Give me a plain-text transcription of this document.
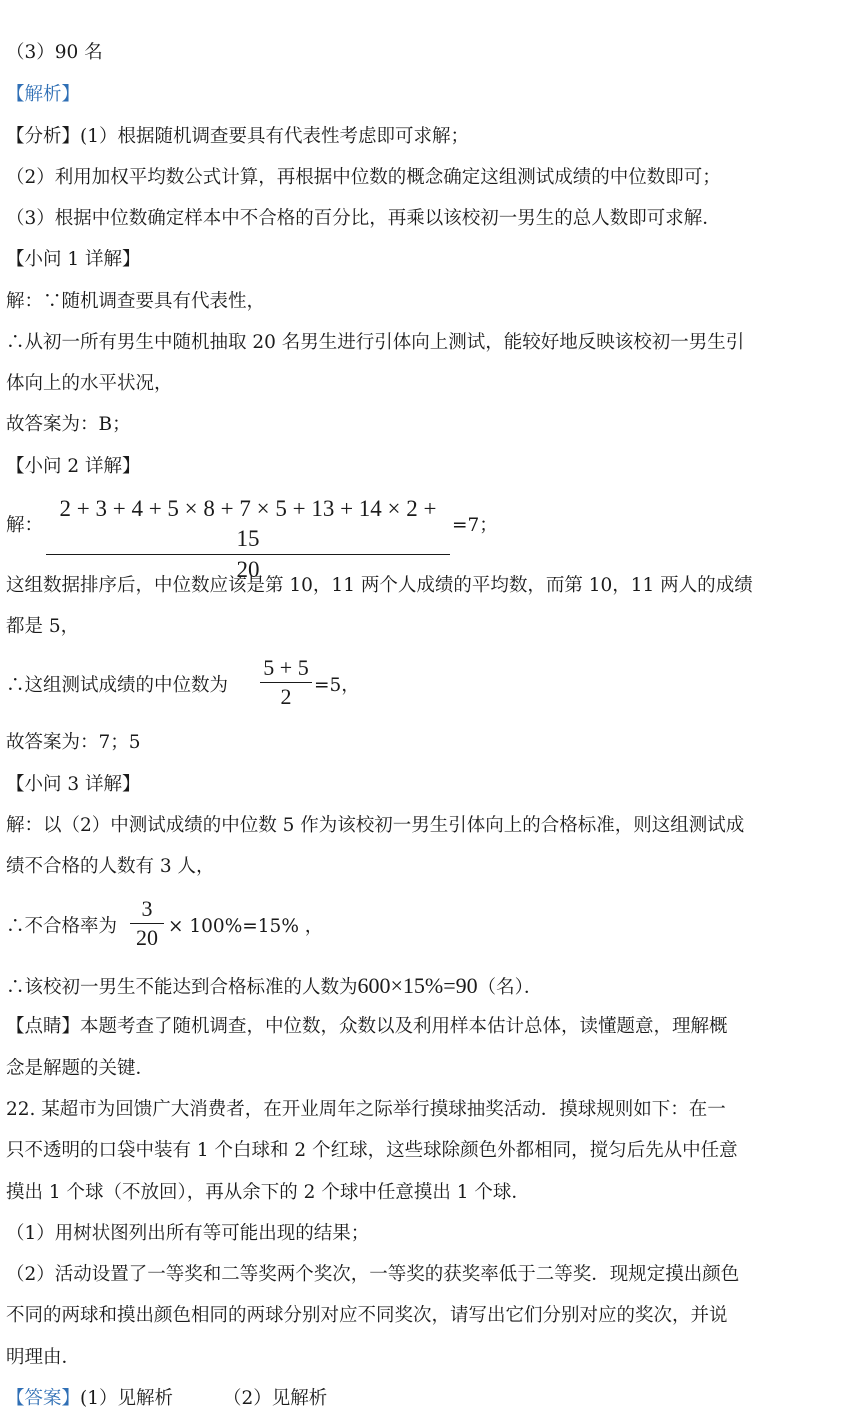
（3）90 名
【解析】
【分析】(1）根据随机调查要具有代表性考虑即可求解；
（2）利用加权平均数公式计算，再根据中位数的概念确定这组测试成绩的中位数即可；
（3）根据中位数确定样本中不合格的百分比，再乘以该校初一男生的总人数即可求解．
【小问 1 详解】
解：∵随机调查要具有代表性，
∴从初一所有男生中随机抽取 20 名男生进行引体向上测试，能较好地反映该校初一男生引
体向上的水平状况，
故答案为：B；
【小问 2 详解】
解：
2 + 3 + 4 + 5 × 8 + 7 × 5 + 13 + 14 × 2 + 15
20
=7；
这组数据排序后，中位数应该是第 10，11 两个人成绩的平均数，而第 10，11 两人的成绩
都是 5，
∴这组测试成绩的中位数为
5 + 5
2	=5，
故答案为：7；5
【小问 3 详解】
解：以（2）中测试成绩的中位数 5 作为该校初一男生引体向上的合格标准，则这组测试成
绩不合格的人数有 3 人，
∴不合格率为
3
20 × 100%=15% ，
∴该校初一男生不能达到合格标准的人数为600×15%=90（名）．
【点睛】本题考查了随机调查，中位数，众数以及利用样本估计总体，读懂题意，理解概
念是解题的关键．
22. 某超市为回馈广大消费者，在开业周年之际举行摸球抽奖活动．摸球规则如下：在一
只不透明的口袋中装有 1 个白球和 2 个红球，这些球除颜色外都相同，搅匀后先从中任意
摸出 1 个球（不放回），再从余下的 2 个球中任意摸出 1 个球．
（1）用树状图列出所有等可能出现的结果；
（2）活动设置了一等奖和二等奖两个奖次，一等奖的获奖率低于二等奖．现规定摸出颜色
不同的两球和摸出颜色相同的两球分别对应不同奖次，请写出它们分别对应的奖次，并说
明理由．
【答案】(1）见解析	（2）见解析
